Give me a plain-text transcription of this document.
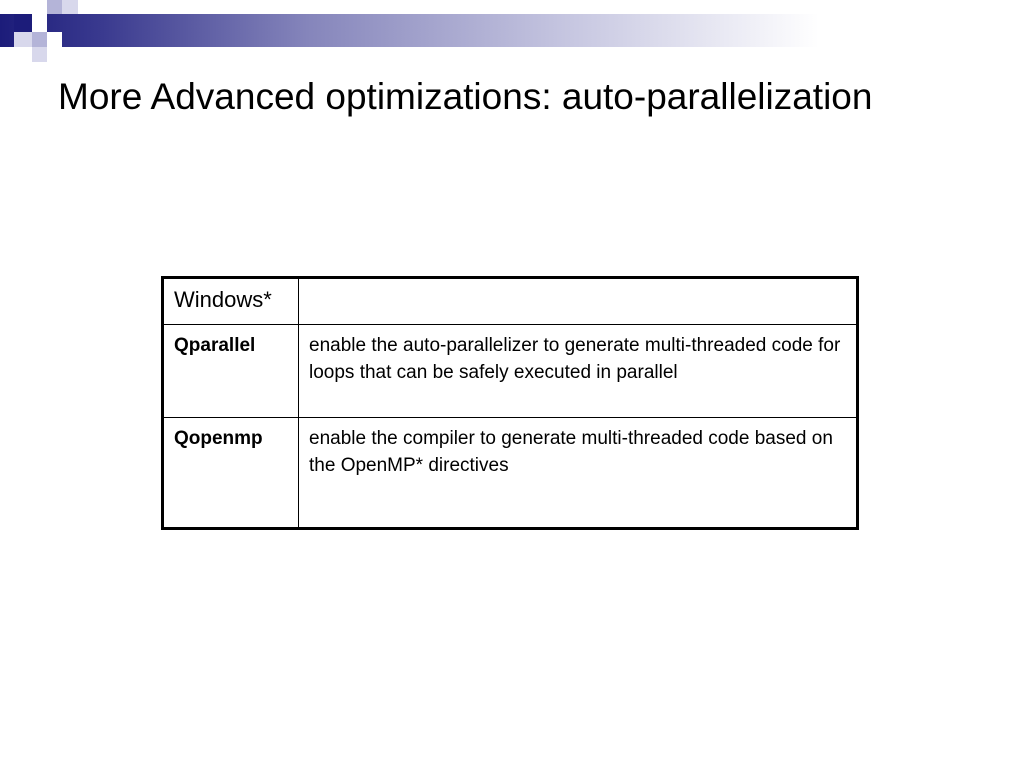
More Advanced optimizations: auto-parallelization
Windows*	
Qparallel	enable the auto-parallelizer to generate multi-threaded code for loops that can be safely executed in parallel
Qopenmp	enable the compiler to generate multi-threaded code based on the OpenMP* directives
